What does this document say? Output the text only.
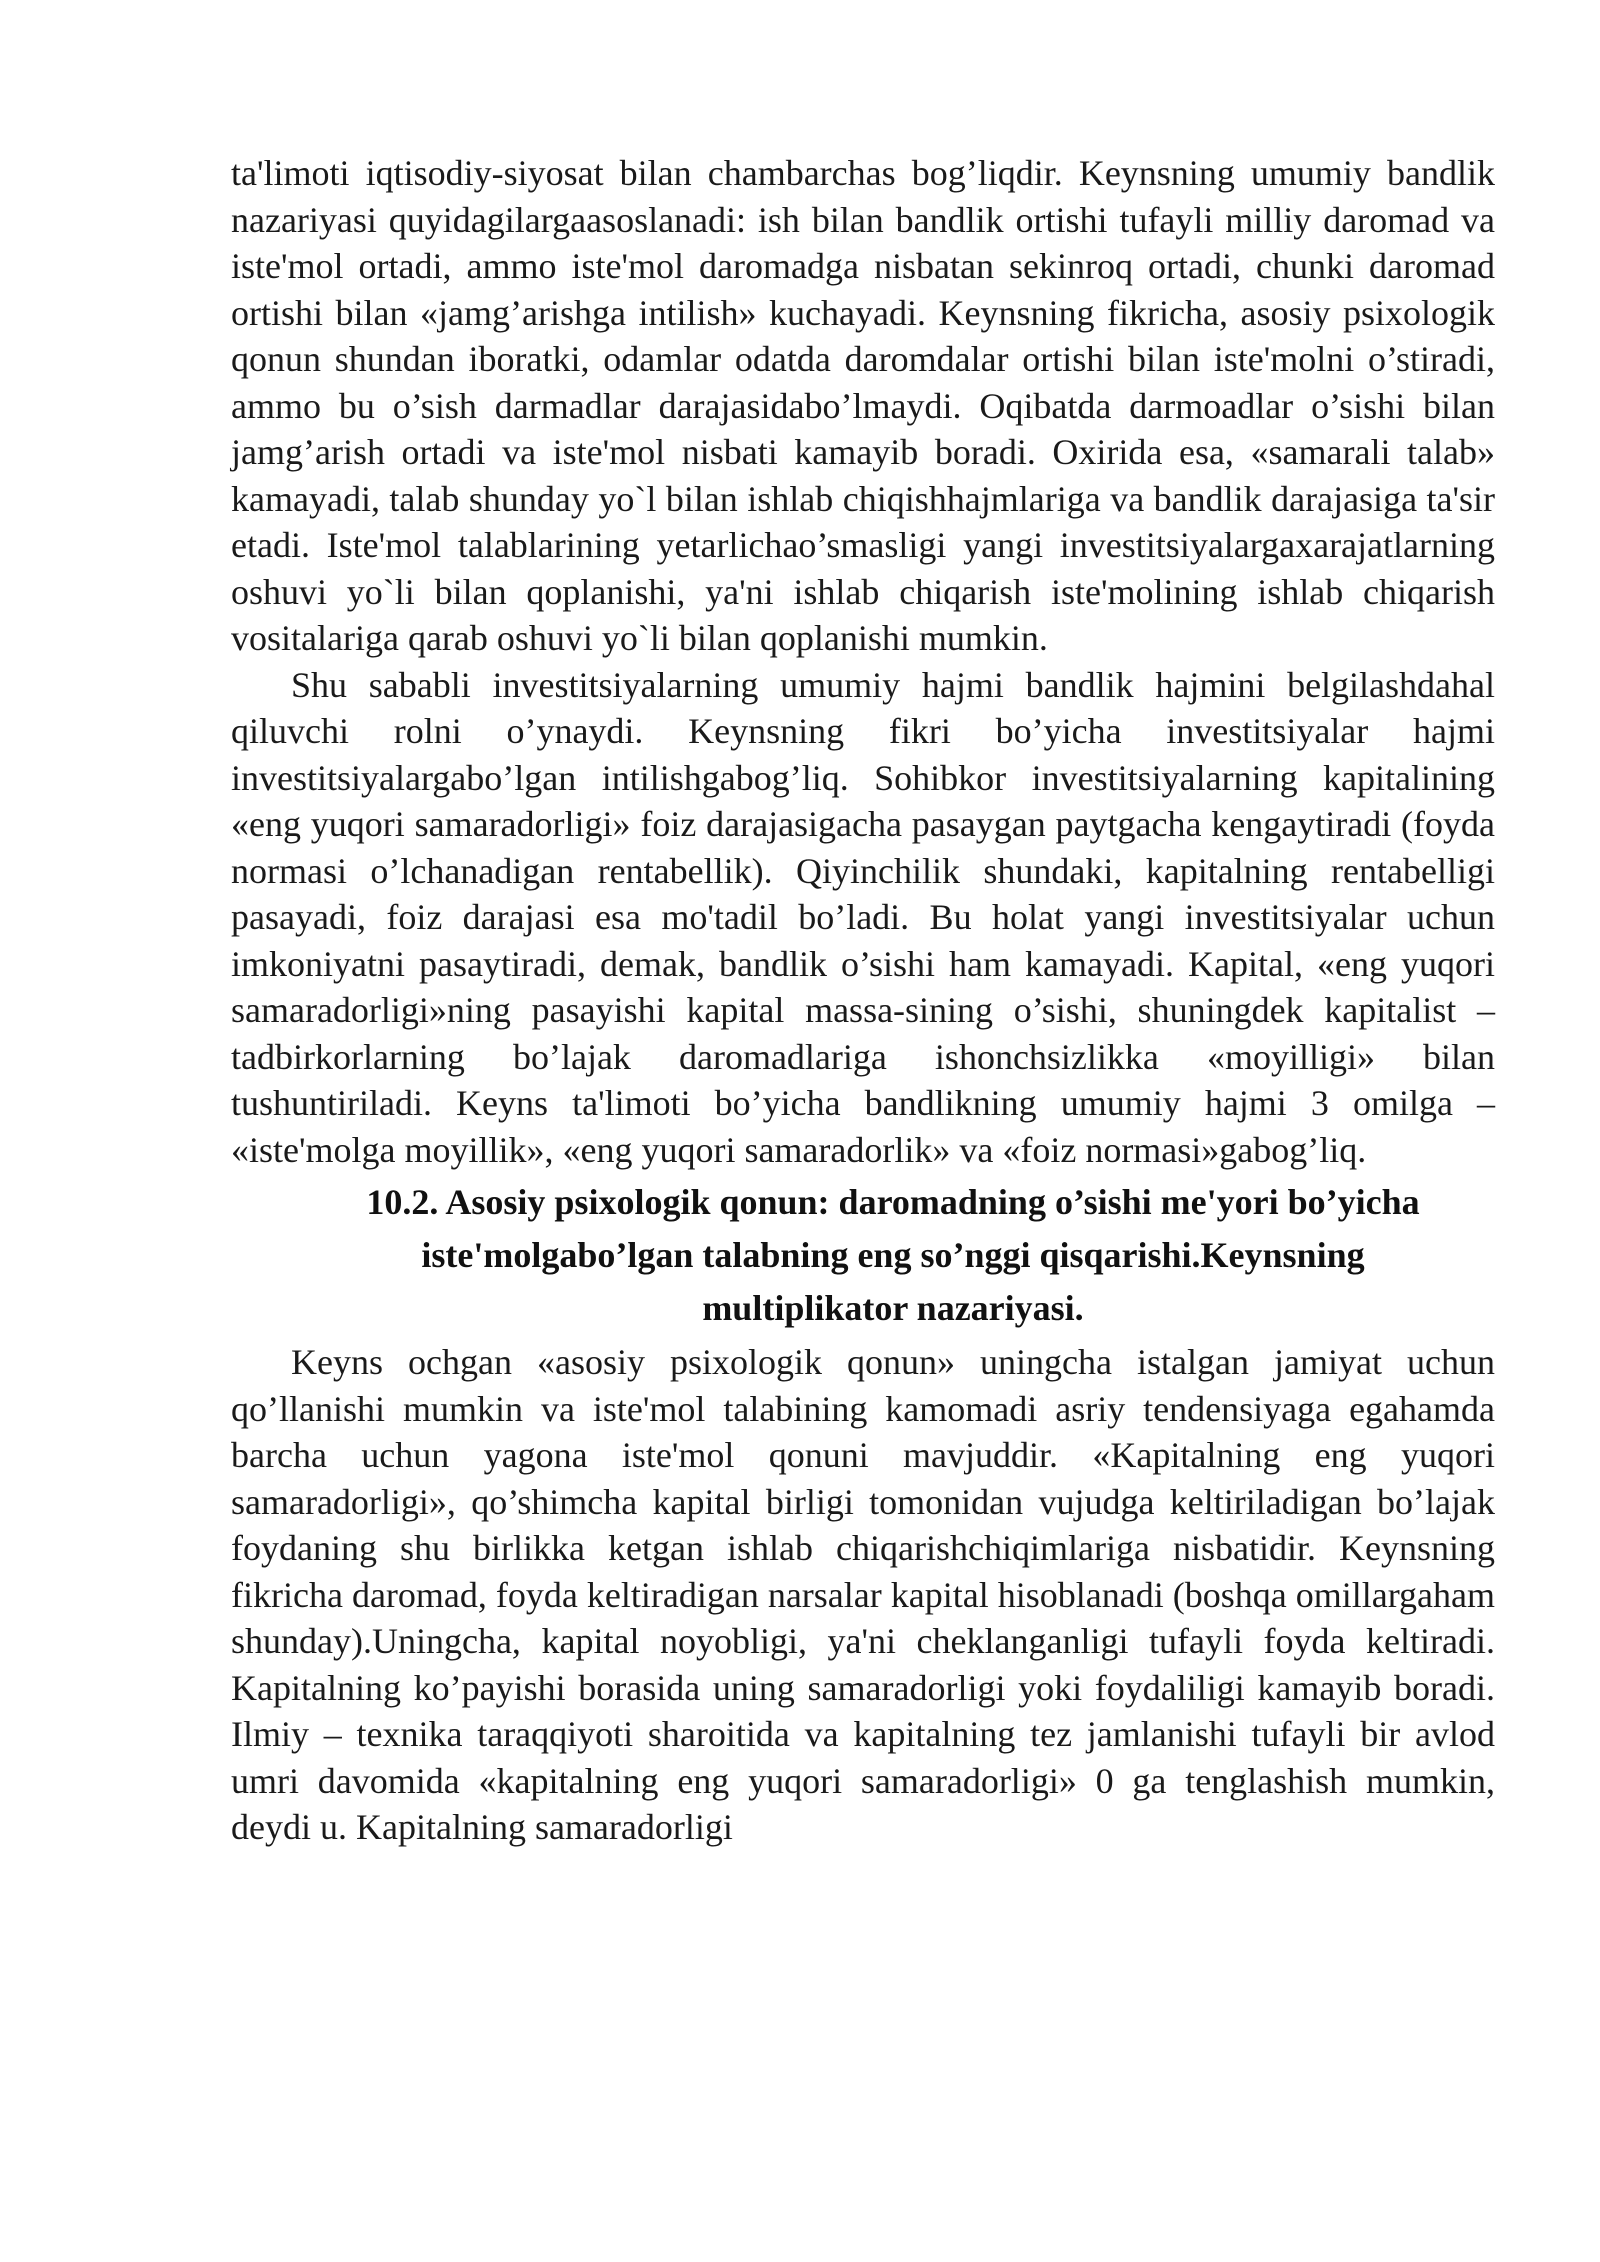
ta'limoti iqtisodiy-siyosat bilan chambarchas bog’liqdir. Keynsning umumiy bandlik nazariyasi quyidagilargaasoslanadi: ish bilan bandlik ortishi tufayli milliy daromad va iste'mol ortadi, ammo iste'mol daromadga nisbatan sekinroq ortadi, chunki daromad ortishi bilan «jamg’arishga intilish» kuchayadi. Keynsning fikricha, asosiy psixologik qonun shundan iboratki, odamlar odatda daromdalar ortishi bilan iste'molni o’stiradi, ammo bu o’sish darmadlar darajasidabo’lmaydi. Oqibatda darmoadlar o’sishi bilan jamg’arish ortadi va iste'mol nisbati kamayib boradi. Oxirida esa, «samarali talab» kamayadi, talab shunday yo`l bilan ishlab chiqishhajmlariga va bandlik darajasiga ta'sir etadi. Iste'mol talablarining yetarlichao’smasligi yangi investitsiyalargaxarajatlarning oshuvi yo`li bilan qoplanishi, ya'ni ishlab chiqarish iste'molining ishlab chiqarish vositalariga qarab oshuvi yo`li bilan qoplanishi mumkin.

Shu sababli investitsiyalarning umumiy hajmi bandlik hajmini belgilashdahal qiluvchi rolni o’ynaydi. Keynsning fikri bo’yicha investitsiyalar hajmi investitsiyalargabo’lgan intilishgabog’liq. Sohibkor investitsiyalarning kapitalining «eng yuqori samaradorligi» foiz darajasigacha pasaygan paytgacha kengaytiradi (foyda normasi o’lchanadigan rentabellik). Qiyinchilik shundaki, kapitalning rentabelligi pasayadi, foiz darajasi esa mo'tadil bo’ladi. Bu holat yangi investitsiyalar uchun imkoniyatni pasaytiradi, demak, bandlik o’sishi ham kamayadi. Kapital, «eng yuqori samaradorligi»ning pasayishi kapital massa-sining o’sishi, shuningdek kapitalist – tadbirkorlarning bo’lajak daromadlariga ishonchsizlikka «moyilligi» bilan tushuntiriladi. Keyns ta'limoti bo’yicha bandlikning umumiy hajmi 3 omilga – «iste'molga moyillik», «eng yuqori samaradorlik» va «foiz normasi»gabog’liq.

10.2. Asosiy psixologik qonun: daromadning o’sishi me'yori bo’yicha
iste'molgabo’lgan talabning eng so’nggi qisqarishi.Keynsning
multiplikator nazariyasi.

Keyns ochgan «asosiy psixologik qonun» uningcha istalgan jamiyat uchun qo’llanishi mumkin va iste'mol talabining kamomadi asriy tendensiyaga egahamda barcha uchun yagona iste'mol qonuni mavjuddir. «Kapitalning eng yuqori samaradorligi», qo’shimcha kapital birligi tomonidan vujudga keltiriladigan bo’lajak foydaning shu birlikka ketgan ishlab chiqarishchiqimlariga nisbatidir. Keynsning fikricha daromad, foyda keltiradigan narsalar kapital hisoblanadi (boshqa omillargaham shunday).Uningcha, kapital noyobligi, ya'ni cheklanganligi tufayli foyda keltiradi. Kapitalning ko’payishi borasida uning samaradorligi yoki foydaliligi kamayib boradi. Ilmiy – texnika taraqqiyoti sharoitida va kapitalning tez jamlanishi tufayli bir avlod umri davomida «kapitalning eng yuqori samaradorligi» 0 ga tenglashish mumkin, deydi u. Kapitalning samaradorligi
